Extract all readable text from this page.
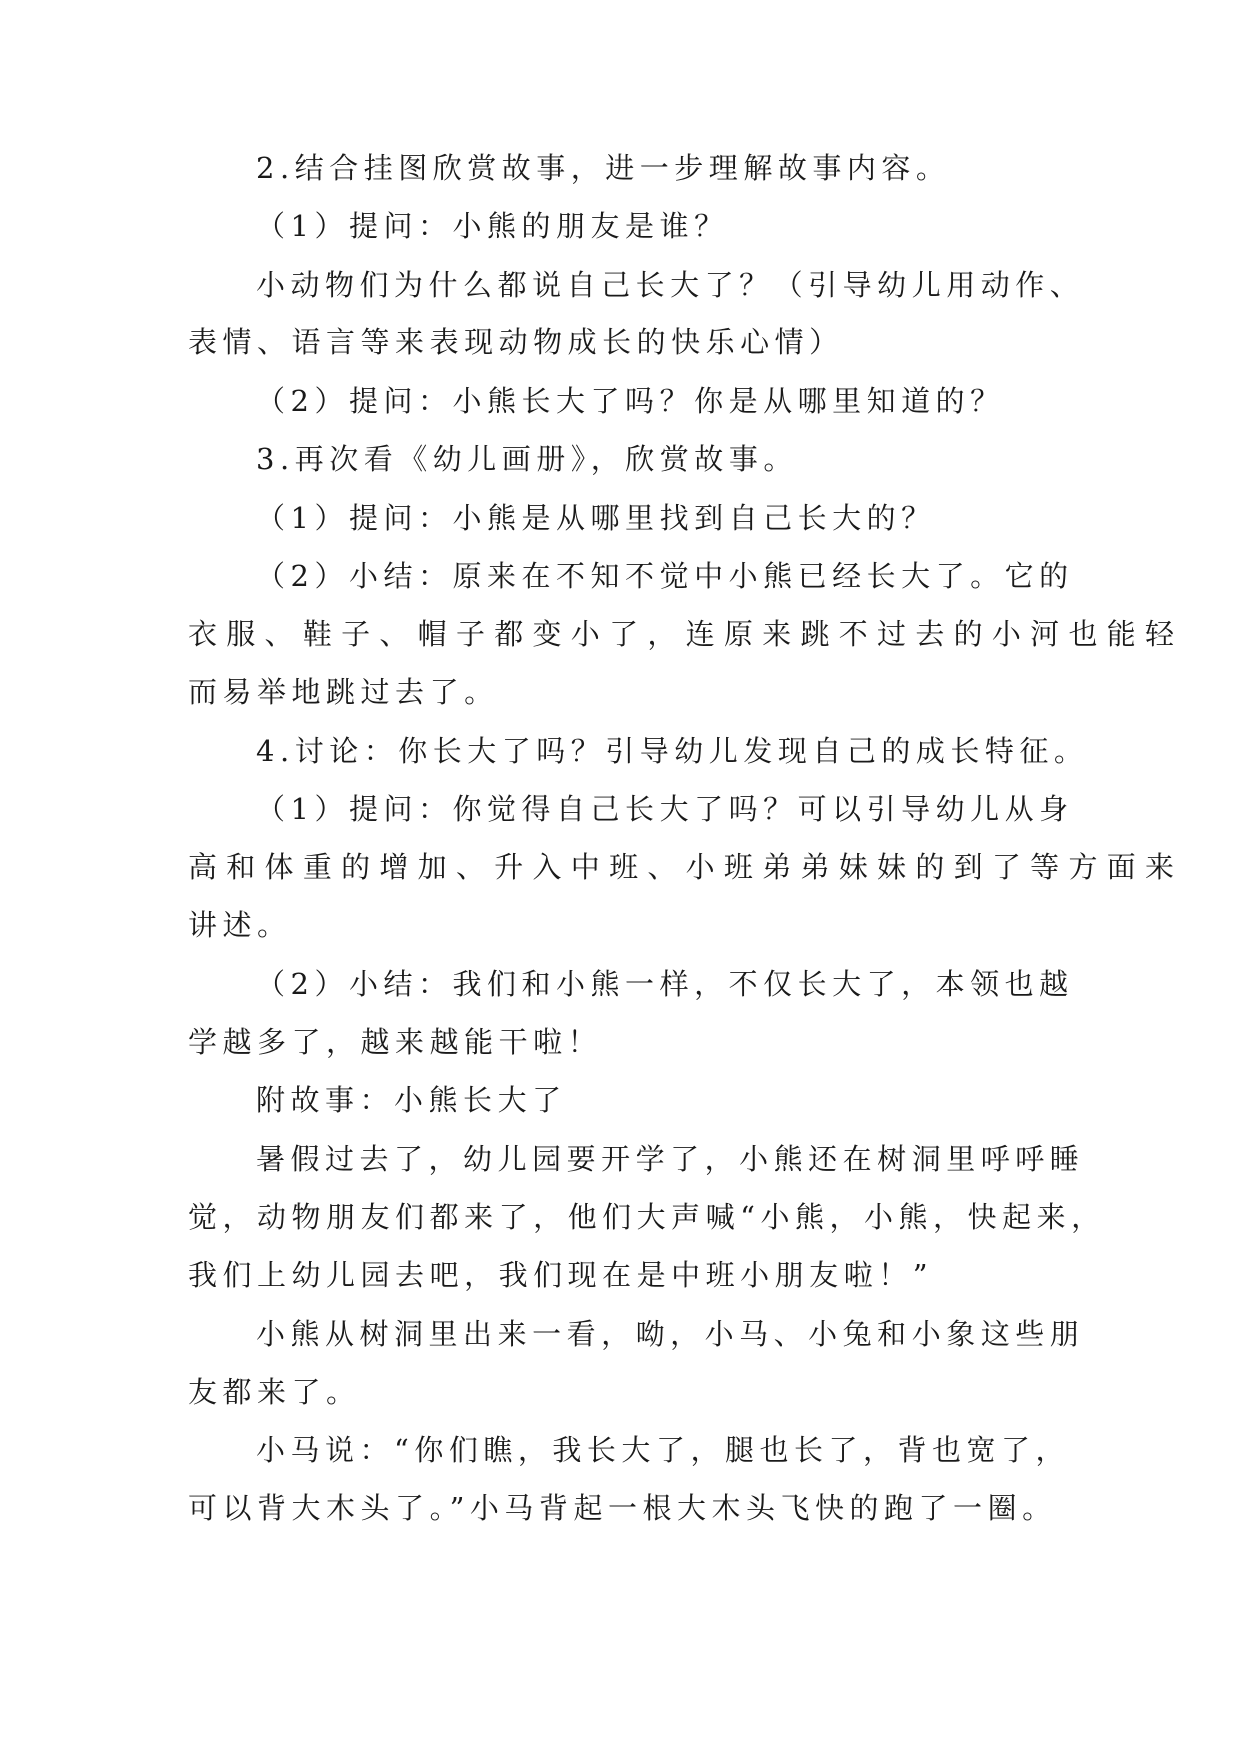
2.结合挂图欣赏故事，进一步理解故事内容。
（1）提问：小熊的朋友是谁？
小动物们为什么都说自己长大了？（引导幼儿用动作、
表情、语言等来表现动物成长的快乐心情）
（2）提问：小熊长大了吗？你是从哪里知道的？
3.再次看《幼儿画册》，欣赏故事。
（1）提问：小熊是从哪里找到自己长大的？
（2）小结：原来在不知不觉中小熊已经长大了。它的
衣服、鞋子、帽子都变小了，连原来跳不过去的小河也能轻
而易举地跳过去了。
4.讨论：你长大了吗？引导幼儿发现自己的成长特征。
（1）提问：你觉得自己长大了吗？可以引导幼儿从身
高和体重的增加、升入中班、小班弟弟妹妹的到了等方面来
讲述。
（2）小结：我们和小熊一样，不仅长大了，本领也越
学越多了，越来越能干啦！
附故事：小熊长大了
暑假过去了，幼儿园要开学了，小熊还在树洞里呼呼睡
觉，动物朋友们都来了，他们大声喊“小熊，小熊，快起来，
我们上幼儿园去吧，我们现在是中班小朋友啦！”
小熊从树洞里出来一看，呦，小马、小兔和小象这些朋
友都来了。
小马说：“你们瞧，我长大了，腿也长了，背也宽了，
可以背大木头了。”小马背起一根大木头飞快的跑了一圈。
